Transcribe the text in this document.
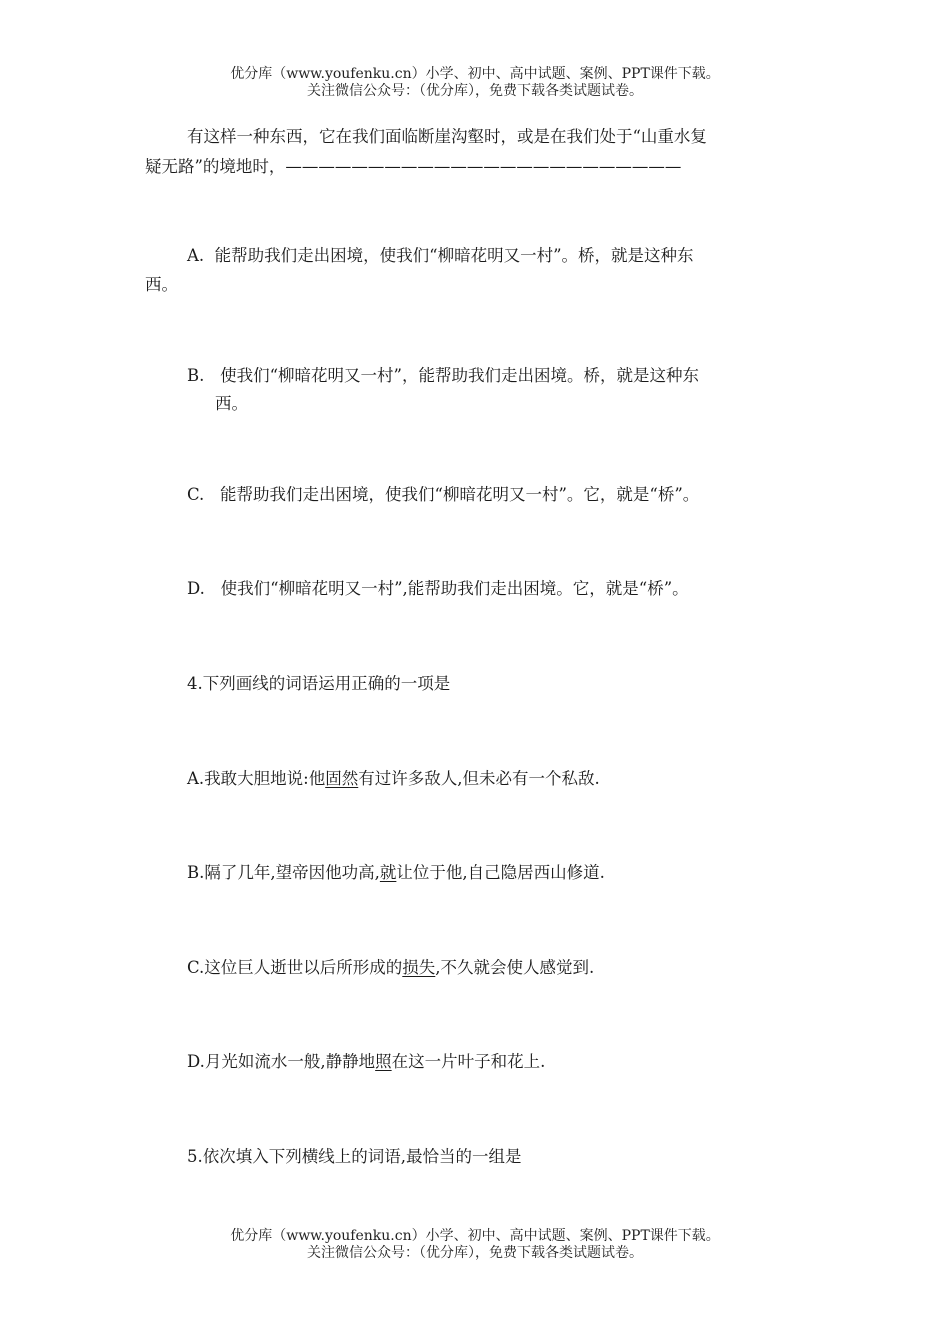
优分库（www.youfenku.cn）小学、初中、高中试题、案例、PPT课件下载。
关注微信公众号：（优分库），免费下载各类试题试卷。

有这样一种东西，它在我们面临断崖沟壑时，或是在我们处于“山重水复

疑无路”的境地时，————————————————————————

A. 能帮助我们走出困境，使我们“柳暗花明又一村”。桥，就是这种东

西。

B. 使我们“柳暗花明又一村”，能帮助我们走出困境。桥，就是这种东

西。

C. 能帮助我们走出困境，使我们“柳暗花明又一村”。它，就是“桥”。

D. 使我们“柳暗花明又一村”,能帮助我们走出困境。它，就是“桥”。

4.下列画线的词语运用正确的一项是

A.我敢大胆地说:他固然有过许多敌人,但未必有一个私敌.

B.隔了几年,望帝因他功高,就让位于他,自己隐居西山修道.

C.这位巨人逝世以后所形成的损失,不久就会使人感觉到.

D.月光如流水一般,静静地照在这一片叶子和花上.

5.依次填入下列横线上的词语,最恰当的一组是

优分库（www.youfenku.cn）小学、初中、高中试题、案例、PPT课件下载。
关注微信公众号：（优分库），免费下载各类试题试卷。
